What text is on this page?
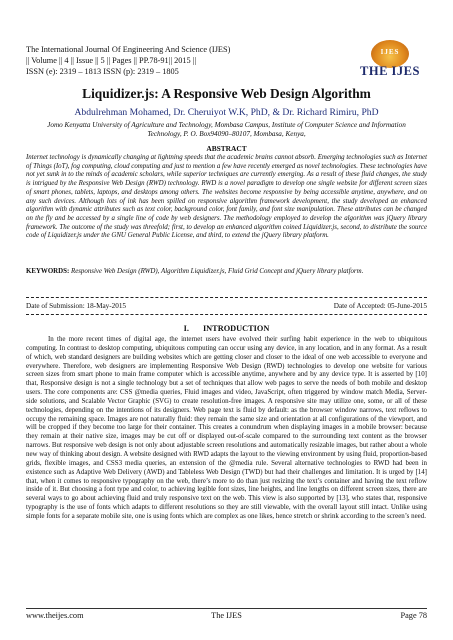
The International Journal Of Engineering And Science (IJES)
|| Volume || 4 || Issue || 5 || Pages || PP.78-91|| 2015 ||
ISSN (e): 2319 – 1813 ISSN (p): 2319 – 1805
IJES
THE IJES
Liquidizer.js: A Responsive Web Design Algorithm
Abdulrehman Mohamed, Dr. Cheruiyot W.K, PhD, & Dr. Richard Rimiru, PhD
Jomo Kenyatta University of Agriculture and Technology, Mombasa Campus, Institute of Computer Science and Information Technology, P. O. Box94090–80107, Mombasa, Kenya,
ABSTRACT
Internet technology is dynamically changing at lightning speeds that the academic brains cannot absorb. Emerging technologies such as Internet of Things (IoT), fog computing, cloud computing and just to mention a few have recently emerged as novel technologies. These technologies have not yet sunk in to the minds of academic scholars, while superior techniques are currently emerging. As a result of these fluid changes, the study is intrigued by the Responsive Web Design (RWD) technology. RWD is a novel paradigm to develop one single website for different screen sizes of smart phones, tablets, laptops, and desktops among others. The websites become responsive by being accessible anytime, anywhere, and on any such devices. Although lots of ink has been spilled on responsive algorithm framework development, the study developed an enhanced algorithm with dynamic attributes such as text color, background color, font family, and font size manipulation. These attributes can be changed on the fly and be accessed by a single line of code by web designers. The methodology employed to develop the algorithm was jQuery library framework. The outcome of the study was threefold; first, to develop an enhanced algorithm coined Liquidizer.js, second, to distribute the source code of Liquidizer.js under the GNU General Public License, and third, to extend the jQuery library platform.
KEYWORDS: Responsive Web Design (RWD), Algorithm Liquidizer.js, Fluid Grid Concept and jQuery library platform.
Date of Submission: 18-May-2015	Date of Accepted: 05-June-2015
I. INTRODUCTION

In the more recent times of digital age, the internet users have evolved their surfing habit experience in the web to ubiquitous computing. In contrast to desktop computing, ubiquitous computing can occur using any device, in any location, and in any format. As a result of which, web standard designers are building websites which are getting closer and closer to the ideal of one web accessible to everyone and everywhere. Therefore, web designers are implementing Responsive Web Design (RWD) technologies to develop one website for various screen sizes from smart phone to main frame computer which is accessible anytime, anywhere and by any device type. It is asserted by [10] that, Responsive design is not a single technology but a set of techniques that allow web pages to serve the needs of both mobile and desktop users. The core components are: CSS @media queries, Fluid images and video, JavaScript, often triggered by window match Media, Server-side solutions, and Scalable Vector Graphic (SVG) to create resolution-free images. A responsive site may utilize one, some, or all of these technologies, depending on the intentions of its designers. Web page text is fluid by default: as the browser window narrows, text reflows to occupy the remaining space. Images are not naturally fluid: they remain the same size and orientation at all configurations of the viewport, and will be cropped if they become too large for their container. This creates a conundrum when displaying images in a mobile browser: because they remain at their native size, images may be cut off or displayed out-of-scale compared to the surrounding text content as the browser narrows. But responsive web design is not only about adjustable screen resolutions and automatically resizable images, but rather about a whole new way of thinking about design. A website designed with RWD adapts the layout to the viewing environment by using fluid, proportion-based grids, flexible images, and CSS3 media queries, an extension of the @media rule. Several alternative technologies to RWD had been in existence such as Adaptive Web Delivery (AWD) and Tableless Web Design (TWD) but had their challenges and limitation. It is urged by [14] that, when it comes to responsive typography on the web, there’s more to do than just resizing the text’s container and having the text reflow inside of it. But choosing a font type and color, to achieving legible font sizes, line heights, and line lengths on different screen sizes, there are several ways to go about achieving fluid and truly responsive text on the web. This view is also supported by [13], who states that, responsive typography is the use of fonts which adapts to different resolutions so they are still viewable, with the overall layout still intact. Unlike using simple fonts for a separate mobile site, one is using fonts which are complex as one likes, hence stretch or shrink according to the screen’s need.

www.theijes.com	The IJES	Page 78
